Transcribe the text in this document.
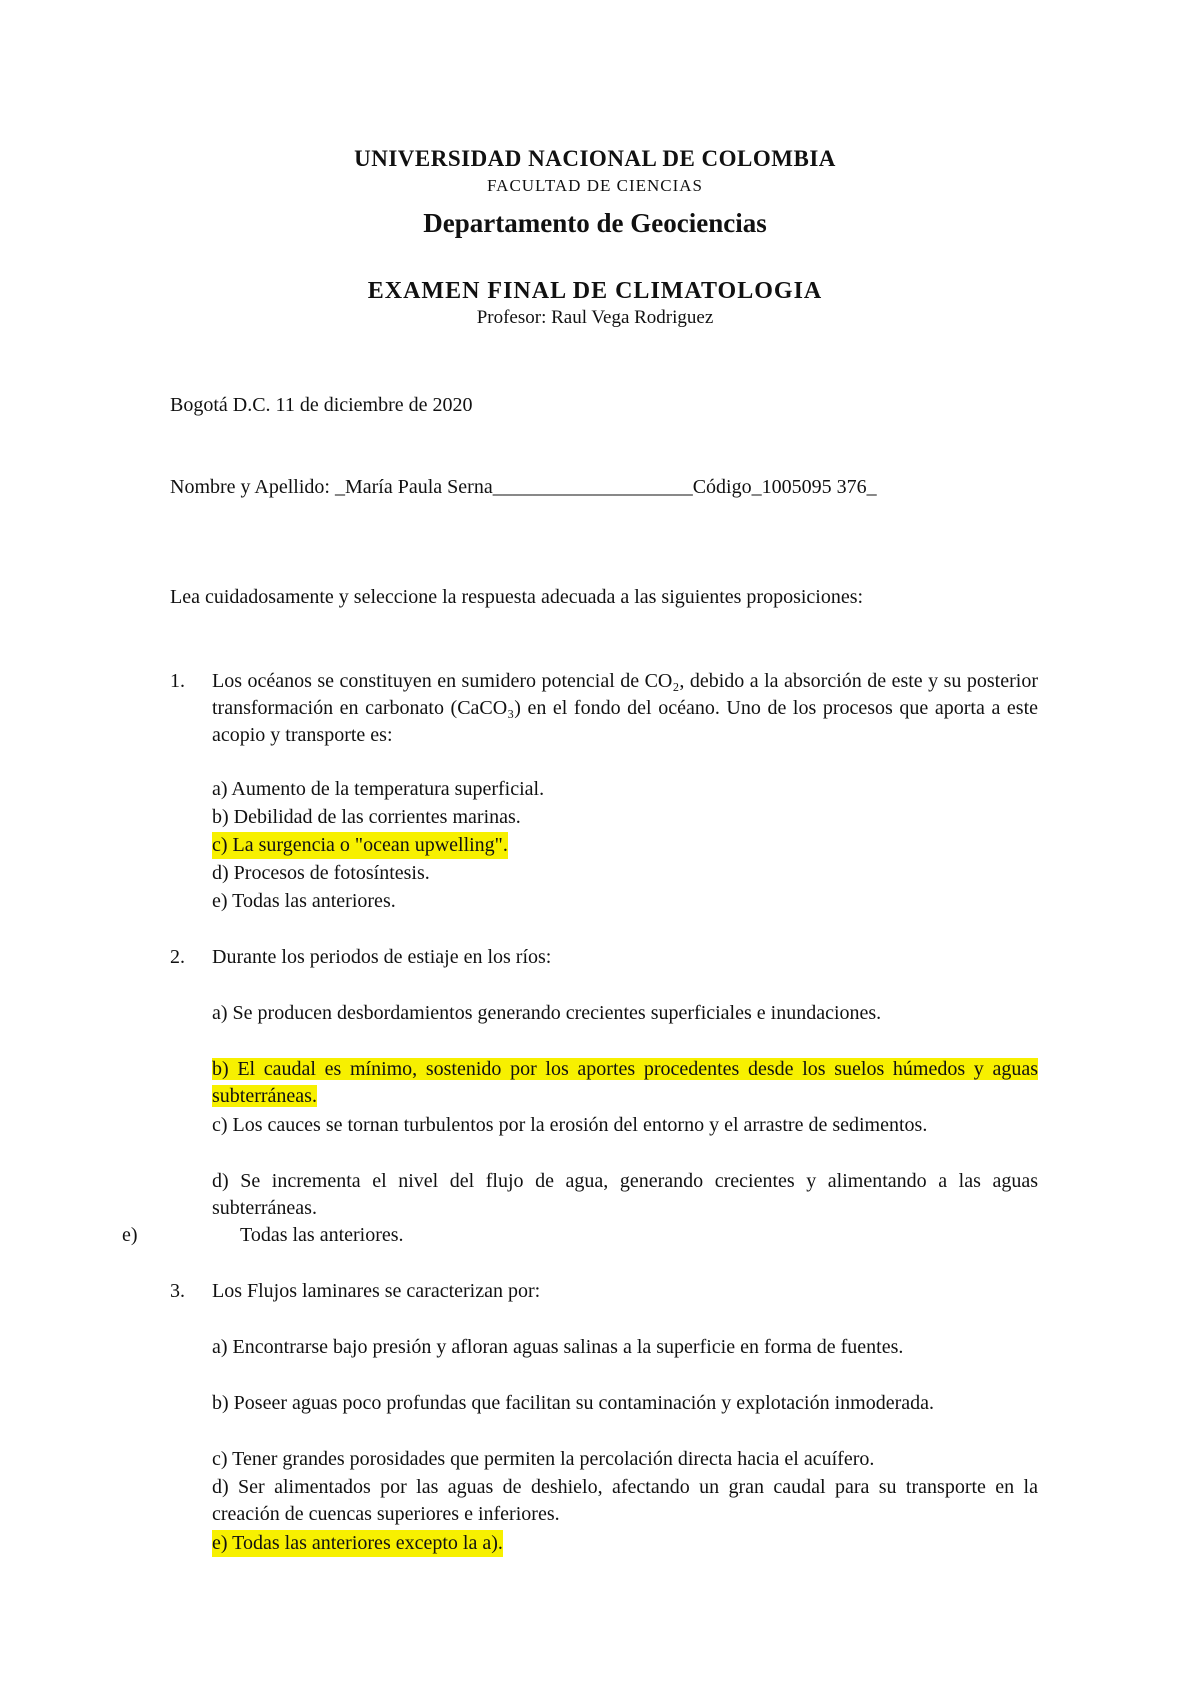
UNIVERSIDAD NACIONAL DE COLOMBIA
FACULTAD DE CIENCIAS
Departamento de Geociencias
EXAMEN FINAL DE CLIMATOLOGIA
Profesor: Raul Vega Rodriguez
Bogotá D.C. 11 de diciembre de 2020
Nombre y Apellido: _María Paula Serna____________________Código_1005095 376_
Lea cuidadosamente y seleccione la respuesta adecuada a las siguientes proposiciones:
1. Los océanos se constituyen en sumidero potencial de CO₂, debido a la absorción de este y su posterior transformación en carbonato (CaCO₃) en el fondo del océano. Uno de los procesos que aporta a este acopio y transporte es:
a) Aumento de la temperatura superficial.
b) Debilidad de las corrientes marinas.
c) La surgencia o "ocean upwelling".
d) Procesos de fotosíntesis.
e) Todas las anteriores.
2. Durante los periodos de estiaje en los ríos:
a) Se producen desbordamientos generando crecientes superficiales e inundaciones.
b) El caudal es mínimo, sostenido por los aportes procedentes desde los suelos húmedos y aguas subterráneas.
c) Los cauces se tornan turbulentos por la erosión del entorno y el arrastre de sedimentos.
d) Se incrementa el nivel del flujo de agua, generando crecientes y alimentando a las aguas subterráneas.
e)	Todas las anteriores.
3. Los Flujos laminares se caracterizan por:
a) Encontrarse bajo presión y afloran aguas salinas a la superficie en forma de fuentes.
b) Poseer aguas poco profundas que facilitan su contaminación y explotación inmoderada.
c) Tener grandes porosidades que permiten la percolación directa hacia el acuífero.
d) Ser alimentados por las aguas de deshielo, afectando un gran caudal para su transporte en la creación de cuencas superiores e inferiores.
e) Todas las anteriores excepto la a).
